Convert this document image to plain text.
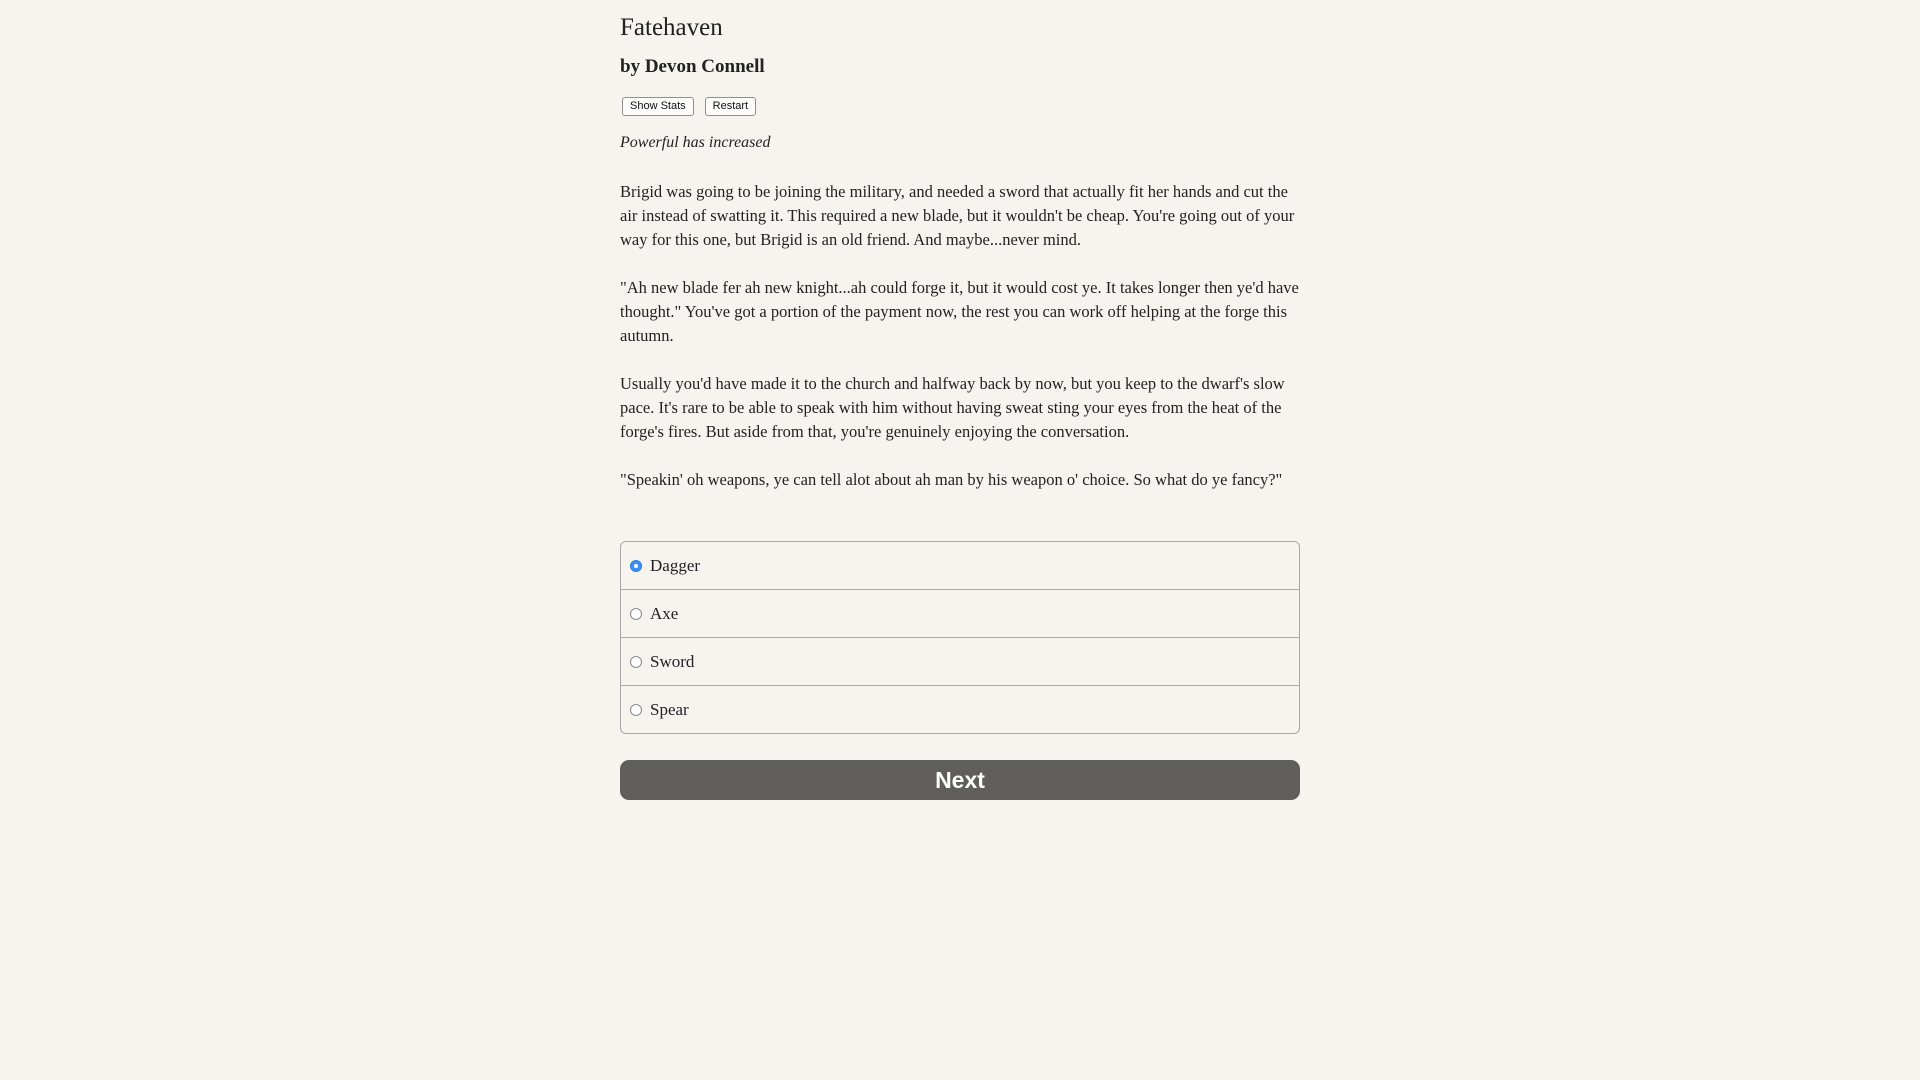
Fatehaven
by Devon Connell
Show Stats	Restart

Powerful has increased

Brigid was going to be joining the military, and needed a sword that actually fit her hands and cut the air instead of swatting it. This required a new blade, but it wouldn't be cheap. You're going out of your way for this one, but Brigid is an old friend. And maybe...never mind.

"Ah new blade fer ah new knight...ah could forge it, but it would cost ye. It takes longer then ye'd have thought." You've got a portion of the payment now, the rest you can work off helping at the forge this autumn.

Usually you'd have made it to the church and halfway back by now, but you keep to the dwarf's slow pace. It's rare to be able to speak with him without having sweat sting your eyes from the heat of the forge's fires. But aside from that, you're genuinely enjoying the conversation.

"Speakin' oh weapons, ye can tell alot about ah man by his weapon o' choice. So what do ye fancy?"

Dagger
Axe
Sword
Spear
Next
